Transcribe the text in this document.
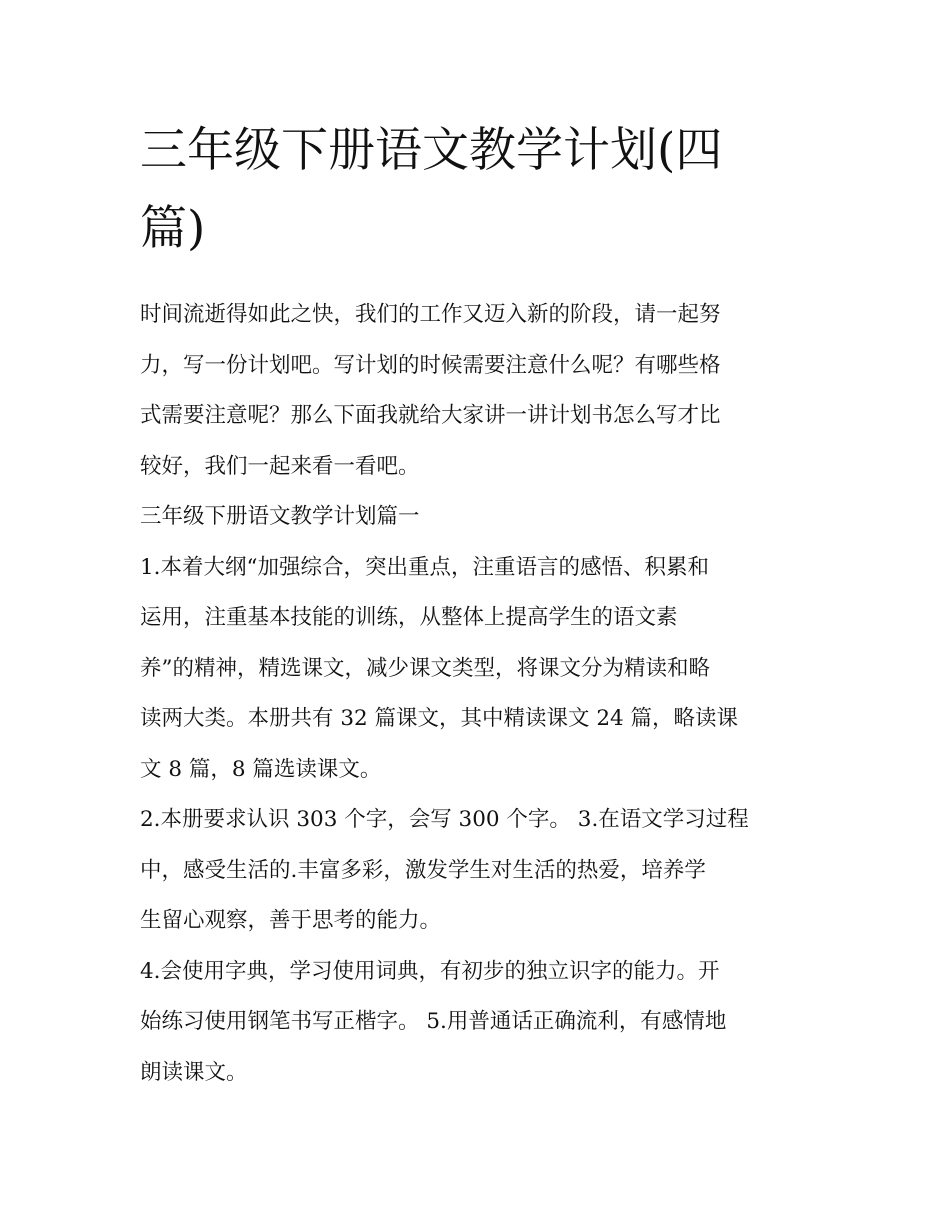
三年级下册语文教学计划(四
篇)

时间流逝得如此之快，我们的工作又迈入新的阶段，请一起努
力，写一份计划吧。写计划的时候需要注意什么呢？有哪些格
式需要注意呢？那么下面我就给大家讲一讲计划书怎么写才比
较好，我们一起来看一看吧。

三年级下册语文教学计划篇一

1.本着大纲“加强综合，突出重点，注重语言的感悟、积累和
运用，注重基本技能的训练，从整体上提高学生的语文素
养”的精神，精选课文，减少课文类型，将课文分为精读和略
读两大类。本册共有 32 篇课文，其中精读课文 24 篇，略读课
文 8 篇，8 篇选读课文。

2.本册要求认识 303 个字，会写 300 个字。 3.在语文学习过程
中，感受生活的.丰富多彩，激发学生对生活的热爱，培养学
生留心观察，善于思考的能力。

4.会使用字典，学习使用词典，有初步的独立识字的能力。开
始练习使用钢笔书写正楷字。 5.用普通话正确流利，有感情地
朗读课文。
